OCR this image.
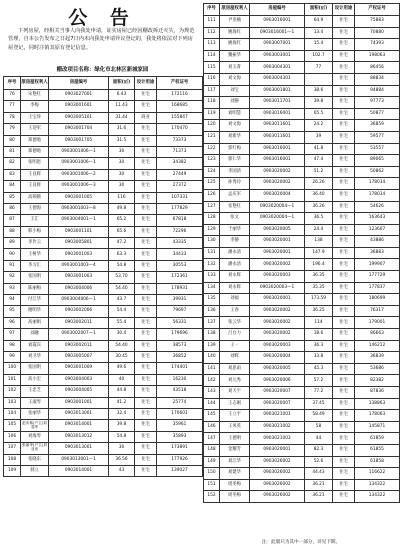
公 告
下列房屋，经相关当事人向我处申请，证实房屋已经因棚改拆迁灭失，为规范管理，自本公告发布之日起7日内未向我处申请异议登记的，我处将依法对下列房屋登记，同时注销其原有登记信息。
棚改项目名称：绿化市北林区新城家园
序号	原房屋权利人	房屋编号	面积(㎡)	设计用途	产权证号
76	宋艳红	0903027001	6.43	住宅	172116
77	李梅	0903001601	11.43	住宅	168685
78	王宝珍	0903005101	31.44	商业	155847
79	王迎军	0903001704	31.6	住宅	170470
80	郑德地	0903001705	31.5	住宅	73373
81	郑德地	0903001006—1	30	住宅	71373
82	张明恩	0903001006—1	30	住宅	34382
83	王良辉	0903001006—2	30	住宅	27449
84	王良辉	0903001006—3	30	住宅	27372
85	高频鹤	0903001005	116	住宅	107331
86	王德海	0903001003—8	49.8	住宅	177829
87	王汇	0903004001—1	65.2	住宅	67818
88	韩小梅	0903001101	65.6	住宅	72296
89	李作云	0903005801	47.2	住宅	43335
90	王树华	0903001003	63.3	住宅	34433
91	李习汇	0903001003—4	54.8	住宅	30553
92	张国明	0903001003	53.70	住宅	172361
93	陈丽梅	0903004006	54.40	住宅	178931
94	付江华	0903004006—1	43.7	住宅	39931
95	谢明华	0903002006	54.4	住宅	79697
96	高丽娟	0903002011	55.4	住宅	56331
97	刘融	0903002007—1	30.4	住宅	179696
98	刘霞宾	0903002011	54.40	住宅	38573
99	刘卫华	0903005007	30.45	住宅	36852
100	张国明	0903001009	49.6	住宅	174401
101	高小宏	0903004003	40	住宅	16230
102	王忠芝	0903004005	44.8	住宅	43518
103	王淑琴	0903001001	41.2	住宅	25774
104	张丽华	0903013001	32.4	住宅	170601
105	赵庆林(户主)刘春华	0903014001	39.8	住宅	35961
106	刘海琴	0903013012	54.8	住宅	35893
107	张丽华(户主)刘亚来	0903013001	30	住宅	173891
108	张晓东	0903013001—1	36.56	住宅	177926
109	郝立	0903014001	43	住宅	139027
序号	原房屋权利人	房屋编号	面积(㎡)	设计用途	产权证号
111	尹亚楠	0903016001	64.9	住宅	75883
112	姚海红	0903016001—1	13.4	住宅	70880
113	姚海红	0903007001	15.4	住宅	74393
114	魏振华	0903003001	102.7	住宅	198063
115	刘玉菁	0903004301	77	住宅	86456
116	刘文海	0903004301		住宅	88834
117	刘宝	0903001801	38.6	住宅	94884
118	刘静	0903011701	39.8	住宅	97773
119	刘明慧	0903016001	65.5	住宅	50877
120	刘文海	0903011601	24.2	住宅	36859
121	刘新华	0903011601	39	住宅	59577
122	郭红梅	0903016001	41.8	住宅	53557
123	郭仁华	0903016001	47.4	住宅	89065
124	李国清	0903020002	51.2	住宅	50862
125	孙秀玲	0903020002	26.26	住宅	178034
126	孟庆军	0903020004	36.40	住宅	178034
127	张艳红	0903020004—1	36.26	住宅	54626
128	张文	0903020004—1	36.5	住宅	163643
129	于丽华	0903020005	24.4	住宅	123607
130	李静	0903020001	138	住宅	43886
131	潘永清	0903020001	147.9	住宅	36883
132	潘永清	0903020002	196.4	住宅	199907
133	刘永辉	0903020003	36.35	住宅	177729
134	刘永辉	0903020003—1	35.35	住宅	177837
135	刘福	0903020001	173.59	住宅	180699
136	王春	0903020002	36.25	住宅	76317
137	张云华	0903020002	114	住宅	179001
138	吕白力	0903020002	18.6	住宅	86663
139	王一	0903020003	36.3	住宅	146212
140	刘辉	0903020004	33.8	住宅	36839
141	刘思雨	0903020005	45.3	住宅	53686
142	刘元秀	0903020006	57.2	住宅	82382
143	刘天宇	0903020007	77.2	住宅	87836
144	王志刚	0903020007	37.45	住宅	138863
145	王立平	0903021001	58.49	住宅	178063
146	王凤英	0903021002	58	住宅	145871
147	王德明	0903021003	44	住宅	61859
148	金耀芳	0903020001	82.3	住宅	61855
149	刘江华	0903026002	52.6	住宅	61858
150	刘建华	0903026002	44.43	住宅	116622
151	周冬梅	0903026002	36.21	住宅	134322
152	周冬梅	0903026002	36.21	住宅	134322
注：此版只为其中一部分，详见下期。
